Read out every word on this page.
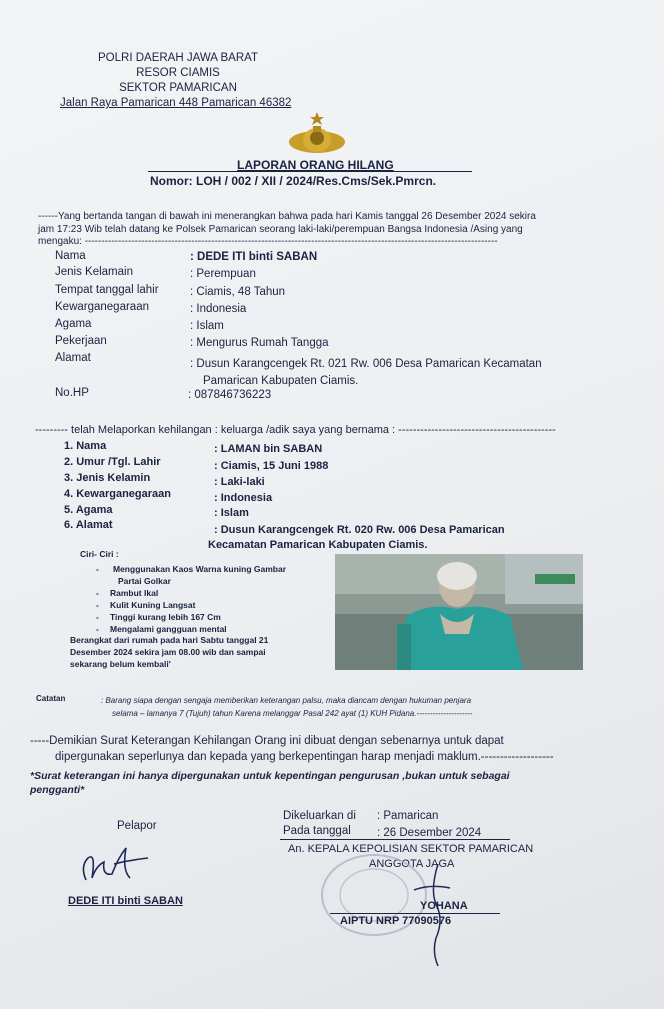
POLRI DAERAH JAWA BARAT
RESOR CIAMIS
SEKTOR PAMARICAN
Jalan Raya Pamarican 448 Pamarican 46382
LAPORAN ORANG HILANG
Nomor: LOH / 002 / XII / 2024/Res.Cms/Sek.Pmrcn.
------Yang bertanda tangan di bawah ini menerangkan bahwa pada hari Kamis tanggal 26 Desember 2024 sekira
jam 17:23 Wib telah datang ke Polsek Pamarican seorang laki-laki/perempuan Bangsa Indonesia /Asing yang
mengaku: ----------------------------------------------------------------------------------------------------------------------------
Nama	: DEDE ITI binti SABAN
Jenis Kelamain	: Perempuan
Tempat tanggal lahir	: Ciamis, 48 Tahun
Kewarganegaraan	: Indonesia
Agama	: Islam
Pekerjaan	: Mengurus Rumah Tangga
Alamat	: Dusun Karangcengek Rt. 021 Rw. 006 Desa Pamarican Kecamatan
Pamarican Kabupaten Ciamis.
No.HP	: 087846736223
--------- telah Melaporkan kehilangan : keluarga /adik saya yang bernama : -------------------------------------------
1. Nama	: LAMAN bin SABAN
2. Umur /Tgl. Lahir	: Ciamis, 15 Juni 1988
3. Jenis Kelamin	: Laki-laki
4. Kewarganegaraan	: Indonesia
5. Agama	: Islam
6. Alamat	: Dusun Karangcengek Rt. 020 Rw. 006 Desa Pamarican
Kecamatan Pamarican Kabupaten Ciamis.
Ciri- Ciri :
- Menggunakan Kaos Warna kuning Gambar
Partai Golkar
- Rambut Ikal
- Kulit Kuning Langsat
- Tinggi kurang lebih 167 Cm
- Mengalami gangguan mental
Berangkat dari rumah pada hari Sabtu tanggal 21
Desember 2024 sekira jam 08.00 wib dan sampai
sekarang belum kembali'
Catatan	: Barang siapa dengan sengaja memberikan keterangan palsu, maka diancam dengan hukuman penjara
selama – lamanya 7 (Tujuh) tahun Karena melanggar Pasal 242 ayat (1) KUH Pidana.---------------------
-----Demikian Surat Keterangan Kehilangan Orang ini dibuat dengan sebenarnya untuk dapat
dipergunakan seperlunya dan kepada yang berkepentingan harap menjadi maklum.-------------------
*Surat keterangan ini hanya dipergunakan untuk kepentingan pengurusan ,bukan untuk sebagai
pengganti*
Pelapor
DEDE ITI binti SABAN
Dikeluarkan di : Pamarican
Pada tanggal : 26 Desember 2024
An. KEPALA KEPOLISIAN SEKTOR PAMARICAN
ANGGOTA JAGA
YOHANA
AIPTU NRP 77090576
